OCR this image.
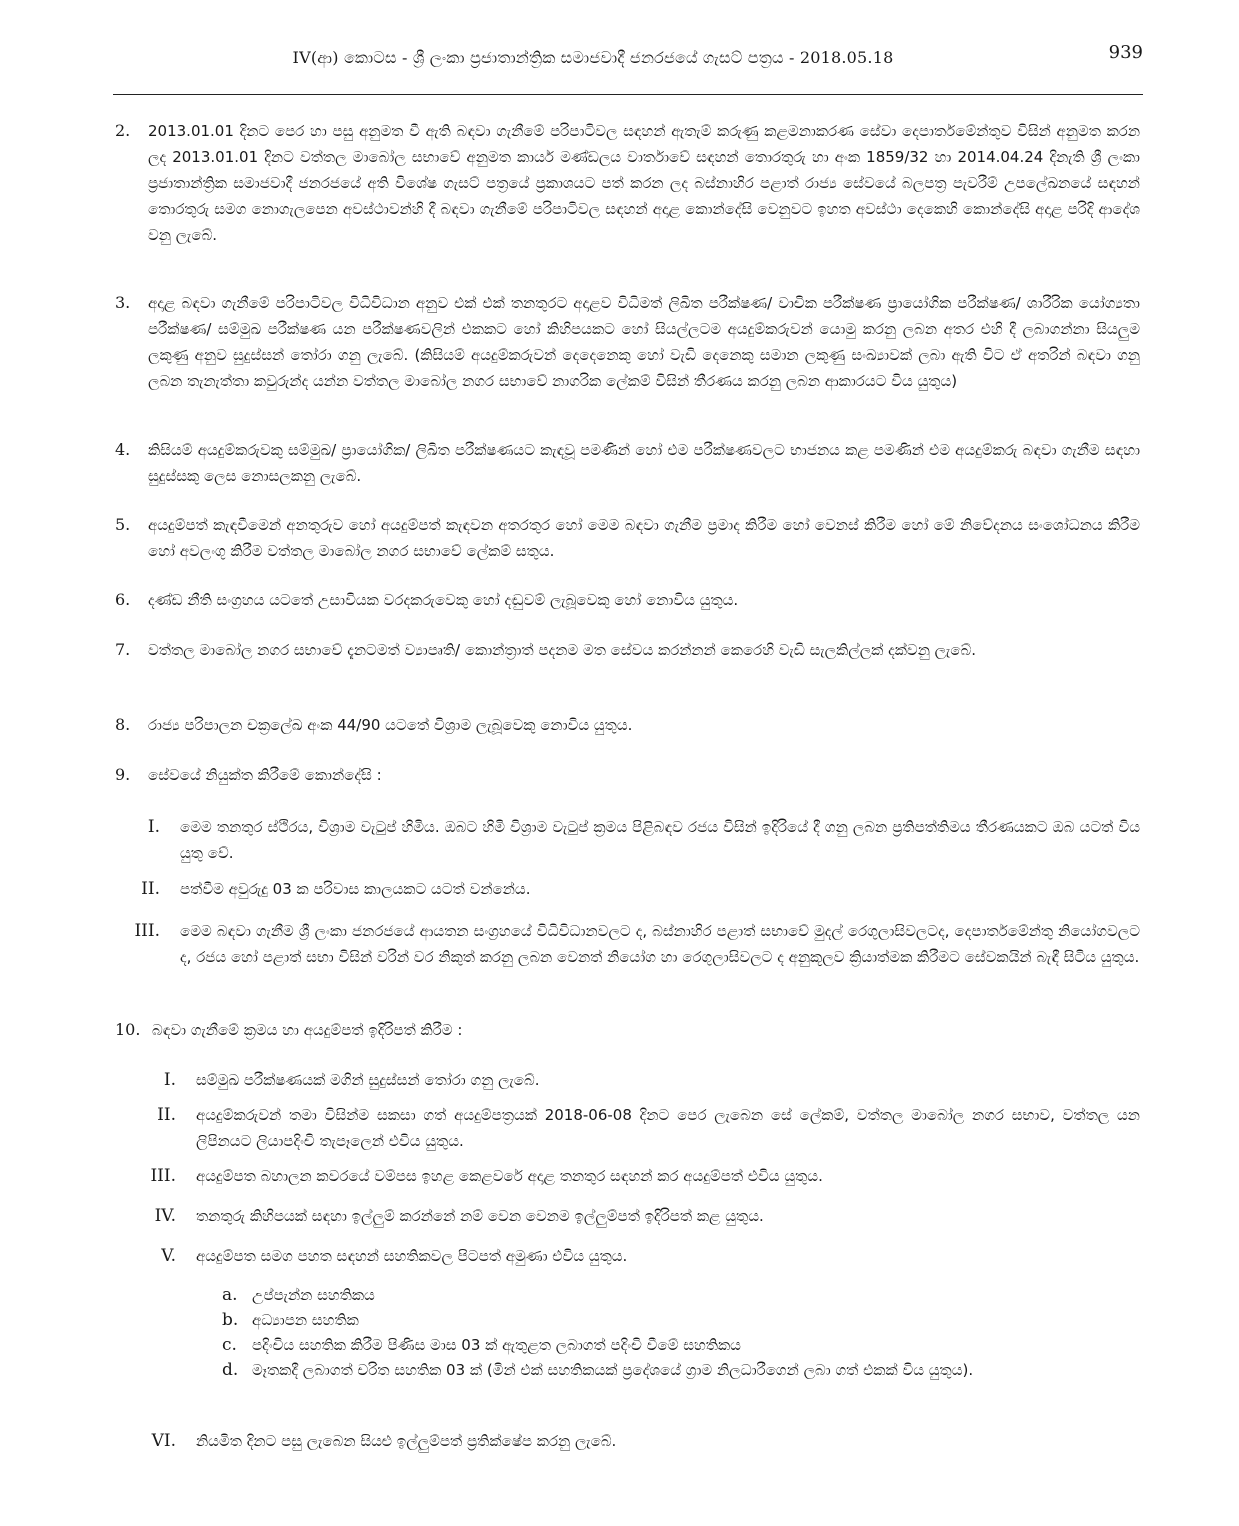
IV(ආ) කොටස - ශ්‍රී ලංකා ප්‍රජාතාන්ත්‍රික සමාජවාදී ජනරජයේ ගැසට් පත්‍රය - 2018.05.18	939
2. 2013.01.01 දිනට පෙර හා පසු අනුමත වී ඇති බඳවා ගැනීමේ පරිපාටිවල සඳහන් ඇතැම් කරුණු කළමනාකරණ සේවා දෙපාර්තමේන්තුව විසින් අනුමත කරන ලද 2013.01.01 දිනට වත්තල මාබෝල සභාවේ අනුමත කාර්ය මණ්ඩලය වාර්තාවේ සඳහන් තොරතුරු හා අංක 1859/32 හා 2014.04.24 දිනැති ශ්‍රී ලංකා ප්‍රජාතාන්ත්‍රික සමාජවාදී ජනරජයේ අති විශේෂ ගැසට් පත්‍රයේ ප්‍රකාශයට පත් කරන ලද බස්නාහිර පළාත් රාජ්‍ය සේවයේ බලපත්‍ර පැවරීම් උපලේඛනයේ සඳහන් තොරතුරු සමග නොගැලපෙන අවස්ථාවන්හි දී බඳවා ගැනීමේ පරිපාටිවල සඳහන් අදාළ කොන්දේසි වෙනුවට ඉහත අවස්ථා දෙකෙහි කොන්දේසි අදාළ පරිදි ආදේශ වනු ලැබේ.
3. අදාළ බඳවා ගැනීමේ පරිපාටිවල විධිවිධාන අනුව එක් එක් තනතුරට අදාළව විධිමත් ලිඛිත පරීක්ෂණ/ වාචික පරීක්ෂණ ප්‍රායෝගික පරීක්ෂණ/ ශාරීරික යෝග්‍යතා පරීක්ෂණ/ සම්මුඛ පරීක්ෂණ යන පරීක්ෂණවලින් එකකට හෝ කිහිපයකට හෝ සියල්ලටම අයදුම්කරුවන් යොමු කරනු ලබන අතර එහි දී ලබාගන්නා සියලුම ලකුණු අනුව සුදුස්සන් තෝරා ගනු ලැබේ. (කිසියම් අයදුම්කරුවන් දෙදෙනෙකු හෝ වැඩි දෙනෙකු සමාන ලකුණු සංඛ්‍යාවක් ලබා ඇති විට ඒ අතරින් බඳවා ගනු ලබන තැනැත්තා කවුරුන්ද යන්න වත්තල මාබෝල නගර සභාවේ නාගරික ලේකම් විසින් තීරණය කරනු ලබන ආකාරයට විය යුතුය)
4. කිසියම් අයදුම්කරුවකු සම්මුඛ/ ප්‍රායෝගික/ ලිඛිත පරීක්ෂණයට කැඳවූ පමණින් හෝ එම පරීක්ෂණවලට භාජනය කළ පමණින් එම අයදුම්කරු බඳවා ගැනීම සඳහා සුදුස්සකු ලෙස නොසලකනු ලැබේ.
5. අයදුම්පත් කැඳවීමෙන් අනතුරුව හෝ අයදුම්පත් කැඳවන අතරතුර හෝ මෙම බඳවා ගැනීම ප්‍රමාද කිරීම හෝ වෙනස් කිරීම හෝ මේ නිවේදනය සංශෝධනය කිරීම හෝ අවලංගු කිරීම වත්තල මාබෝල නගර සභාවේ ලේකම් සතුය.
6. දණ්ඩ නීති සංග්‍රහය යටතේ උසාවියක වරදකරුවෙකු හෝ දඬුවම් ලැබූවෙකු හෝ නොවිය යුතුය.
7. වත්තල මාබෝල නගර සභාවේ දැනටමත් ව්‍යාපෘති/ කොන්ත්‍රාත් පදනම මත සේවය කරන්නන් කෙරෙහි වැඩි සැලකිල්ලක් දක්වනු ලැබේ.
8. රාජ්‍ය පරිපාලන චක්‍රලේඛ අංක 44/90 යටතේ විශ්‍රාම ලැබූවෙකු නොවිය යුතුය.
9. සේවයේ නියුක්ත කිරීමේ කොන්දේසි :
I. මෙම තනතුර ස්ථිරය, විශ්‍රාම වැටුප් හිමිය. ඔබට හිමි විශ්‍රාම වැටුප් ක්‍රමය පිළිබඳව රජය විසින් ඉදිරියේ දී ගනු ලබන ප්‍රතිපත්තිමය තීරණයකට ඔබ යටත් විය යුතු වේ.
II. පත්වීම අවුරුදු 03 ක පරිවාස කාලයකට යටත් වන්නේය.
III. මෙම බඳවා ගැනීම ශ්‍රී ලංකා ජනරජයේ ආයතන සංග්‍රහයේ විධිවිධානවලට ද, බස්නාහිර පළාත් සභාවේ මුදල් රෙගුලාසිවලටද, දෙපාර්තමේන්තු නියෝගවලට ද, රජය හෝ පළාත් සභා විසින් වරින් වර නිකුත් කරනු ලබන වෙනත් නියෝග හා රෙගුලාසිවලට ද අනුකූලව ක්‍රියාත්මක කිරීමට සේවකයින් බැඳී සිටිය යුතුය.
10. බඳවා ගැනීමේ ක්‍රමය හා අයදුම්පත් ඉදිරිපත් කිරීම :
I. සම්මුඛ පරීක්ෂණයක් මගින් සුදුස්සන් තෝරා ගනු ලැබේ.
II. අයදුම්කරුවන් තමා විසින්ම සකසා ගත් අයදුම්පත්‍රයක් 2018-06-08 දිනට පෙර ලැබෙන සේ ලේකම්, වත්තල මාබෝල නගර සභාව, වත්තල යන ලිපිනයට ලියාපදිංචි තැපෑලෙන් එවිය යුතුය.
III. අයදුම්පත බහාලන කවරයේ වම්පස ඉහළ කෙළවරේ අදාළ තනතුර සඳහන් කර අයදුම්පත් එවිය යුතුය.
IV. තනතුරු කිහිපයක් සඳහා ඉල්ලුම් කරන්නේ නම් වෙන වෙනම ඉල්ලුම්පත් ඉදිරිපත් කළ යුතුය.
V. අයදුම්පත සමග පහත සඳහන් සහතිකවල පිටපත් අමුණා එවිය යුතුය.
a. උප්පැන්න සහතිකය
b. අධ්‍යාපන සහතික
c. පදිංචිය සහතික කිරීම පිණිස මාස 03 ක් ඇතුළත ලබාගත් පදිංචි වීමේ සහතිකය
d. මෑතකදී ලබාගත් චරිත සහතික 03 ක් (මින් එක් සහතිකයක් ප්‍රදේශයේ ග්‍රාම නිලධාරීගෙන් ලබා ගත් එකක් විය යුතුය).
VI. නියමිත දිනට පසු ලැබෙන සියළු ඉල්ලුම්පත් ප්‍රතික්ෂේප කරනු ලැබේ.
